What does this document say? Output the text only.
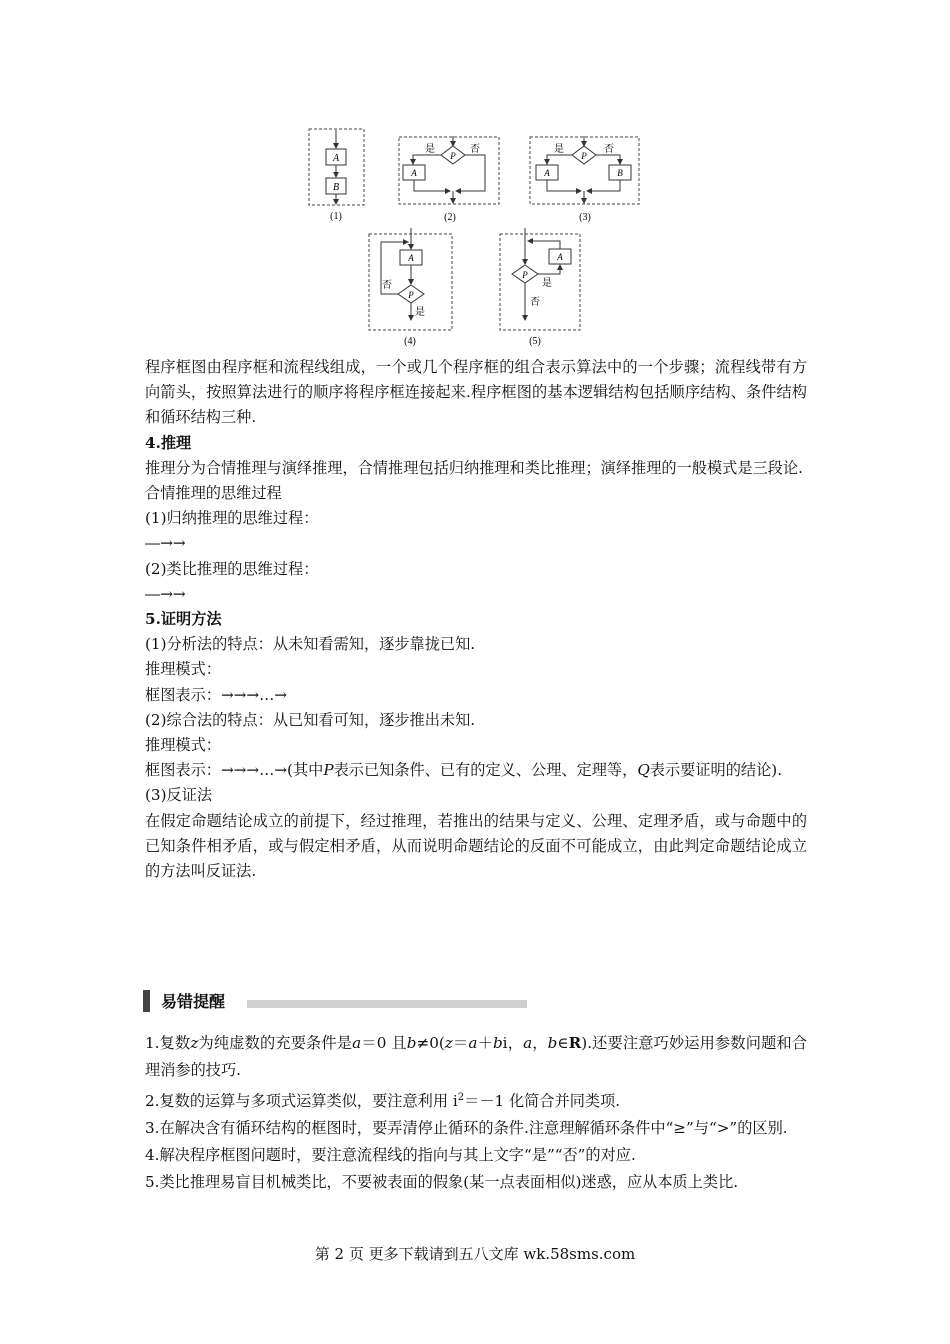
A
B
(1)
P
是	否
A
(2)
P
是	否
A	B
(3)
A
P
否
是
(4)
P
是
A
否
(5)

程序框图由程序框和流程线组成，一个或几个程序框的组合表示算法中的一个步骤；流程线带有方向箭头，按照算法进行的顺序将程序框连接起来.程序框图的基本逻辑结构包括顺序结构、条件结构和循环结构三种.

4.推理

推理分为合情推理与演绎推理，合情推理包括归纳推理和类比推理；演绎推理的一般模式是三段论.

合情推理的思维过程

(1)归纳推理的思维过程：

―→→

(2)类比推理的思维过程：

―→→

5.证明方法

(1)分析法的特点：从未知看需知，逐步靠拢已知.

推理模式：

框图表示：→→→…→

(2)综合法的特点：从已知看可知，逐步推出未知.

推理模式：

框图表示：→→→…→(其中P表示已知条件、已有的定义、公理、定理等，Q表示要证明的结论).

(3)反证法

在假定命题结论成立的前提下，经过推理，若推出的结果与定义、公理、定理矛盾，或与命题中的已知条件相矛盾，或与假定相矛盾，从而说明命题结论的反面不可能成立，由此判定命题结论成立的方法叫反证法.

易错提醒

1.复数z为纯虚数的充要条件是a＝0 且b≠0(z＝a＋bi，a，b∈R).还要注意巧妙运用参数问题和合理消参的技巧.

2.复数的运算与多项式运算类似，要注意利用 $i^2=-1$ 化简合并同类项.

3.在解决含有循环结构的框图时，要弄清停止循环的条件.注意理解循环条件中“≥”与“>”的区别.

4.解决程序框图问题时，要注意流程线的指向与其上文字“是”“否”的对应.

5.类比推理易盲目机械类比，不要被表面的假象(某一点表面相似)迷惑，应从本质上类比.

第 2 页 更多下载请到五八文库 wk.58sms.com
